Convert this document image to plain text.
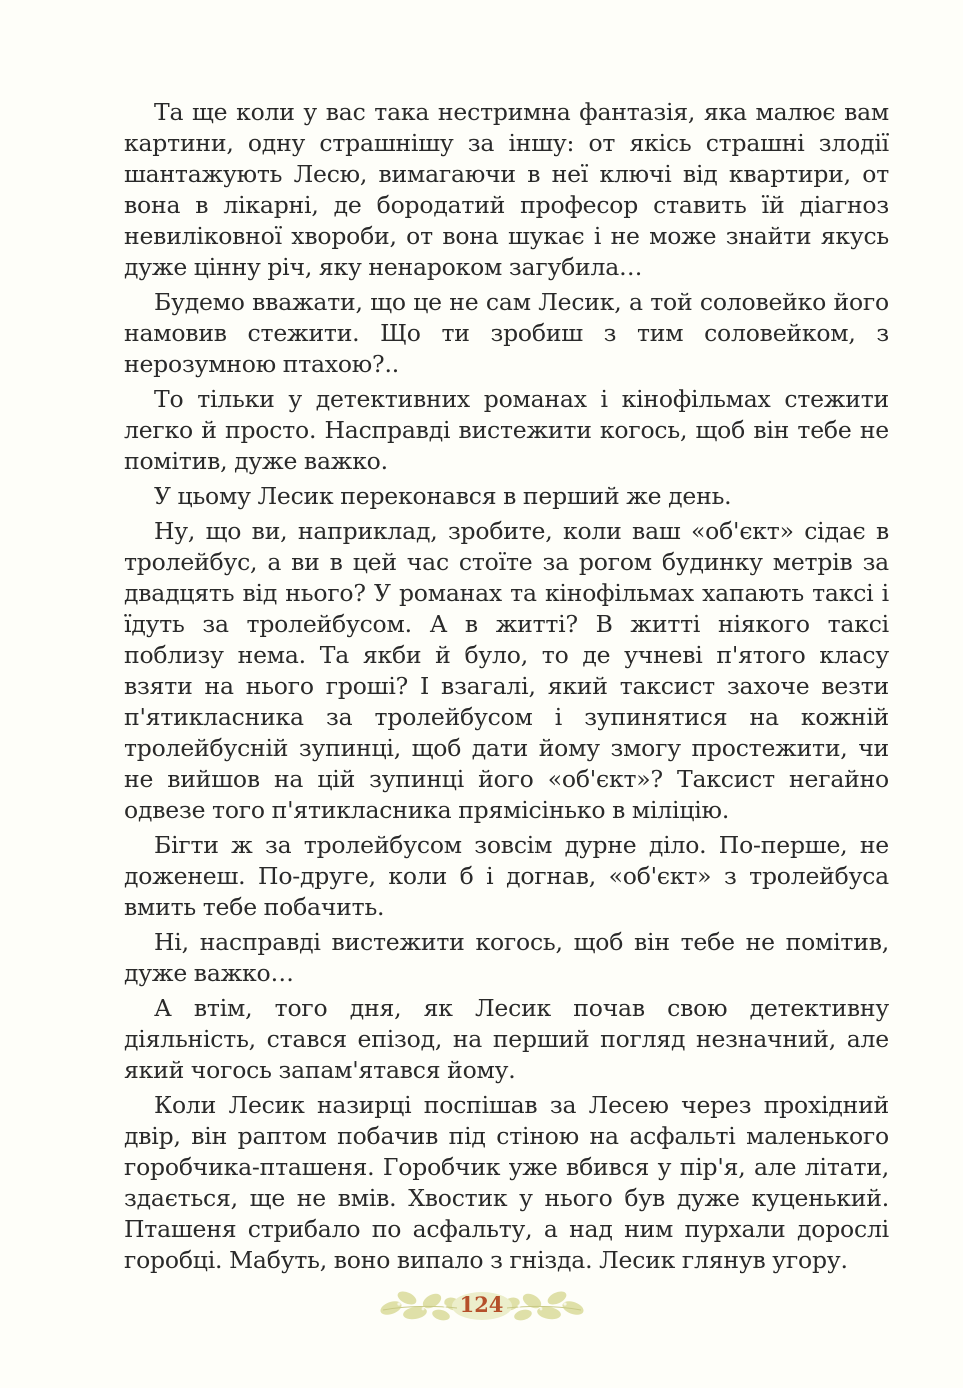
Та ще коли у вас така нестримна фантазія, яка малює вам картини, одну страшнішу за іншу: от якісь страшні злодії шантажують Лесю, вимагаючи в неї ключі від квартири, от вона в лікарні, де бородатий професор ставить їй діагноз невиліковної хвороби, от вона шукає і не може знайти якусь дуже цінну річ, яку ненароком загубила…

Будемо вважати, що це не сам Лесик, а той соловейко його намовив стежити. Що ти зробиш з тим соловейком, з нерозумною птахою?..

То тільки у детективних романах і кінофільмах стежити легко й просто. Насправді вистежити когось, щоб він тебе не помітив, дуже важко.

У цьому Лесик переконався в перший же день.

Ну, що ви, наприклад, зробите, коли ваш «об'єкт» сідає в тролейбус, а ви в цей час стоїте за рогом будинку метрів за двадцять від нього? У романах та кінофільмах хапають таксі і їдуть за тролейбусом. А в житті? В житті ніякого таксі поблизу нема. Та якби й було, то де учневі п'ятого класу взяти на нього гроші? І взагалі, який таксист захоче везти п'ятикласника за тролейбусом і зупинятися на кожній тролейбусній зупинці, щоб дати йому змогу простежити, чи не вийшов на цій зупинці його «об'єкт»? Таксист негайно одвезе того п'ятикласника прямісінько в міліцію.

Бігти ж за тролейбусом зовсім дурне діло. По-перше, не доженеш. По-друге, коли б і догнав, «об'єкт» з тролейбуса вмить тебе побачить.

Ні, насправді вистежити когось, щоб він тебе не помітив, дуже важко…

А втім, того дня, як Лесик почав свою детективну діяльність, стався епізод, на перший погляд незначний, але який чогось запам'ятався йому.

Коли Лесик назирці поспішав за Лесею через прохідний двір, він раптом побачив під стіною на асфальті маленького горобчика-пташеня. Горобчик уже вбився у пір'я, але літати, здається, ще не вмів. Хвостик у нього був дуже куценький. Пташеня стрибало по асфальту, а над ним пурхали дорослі горобці. Мабуть, воно випало з гнізда. Лесик глянув угору.

124
